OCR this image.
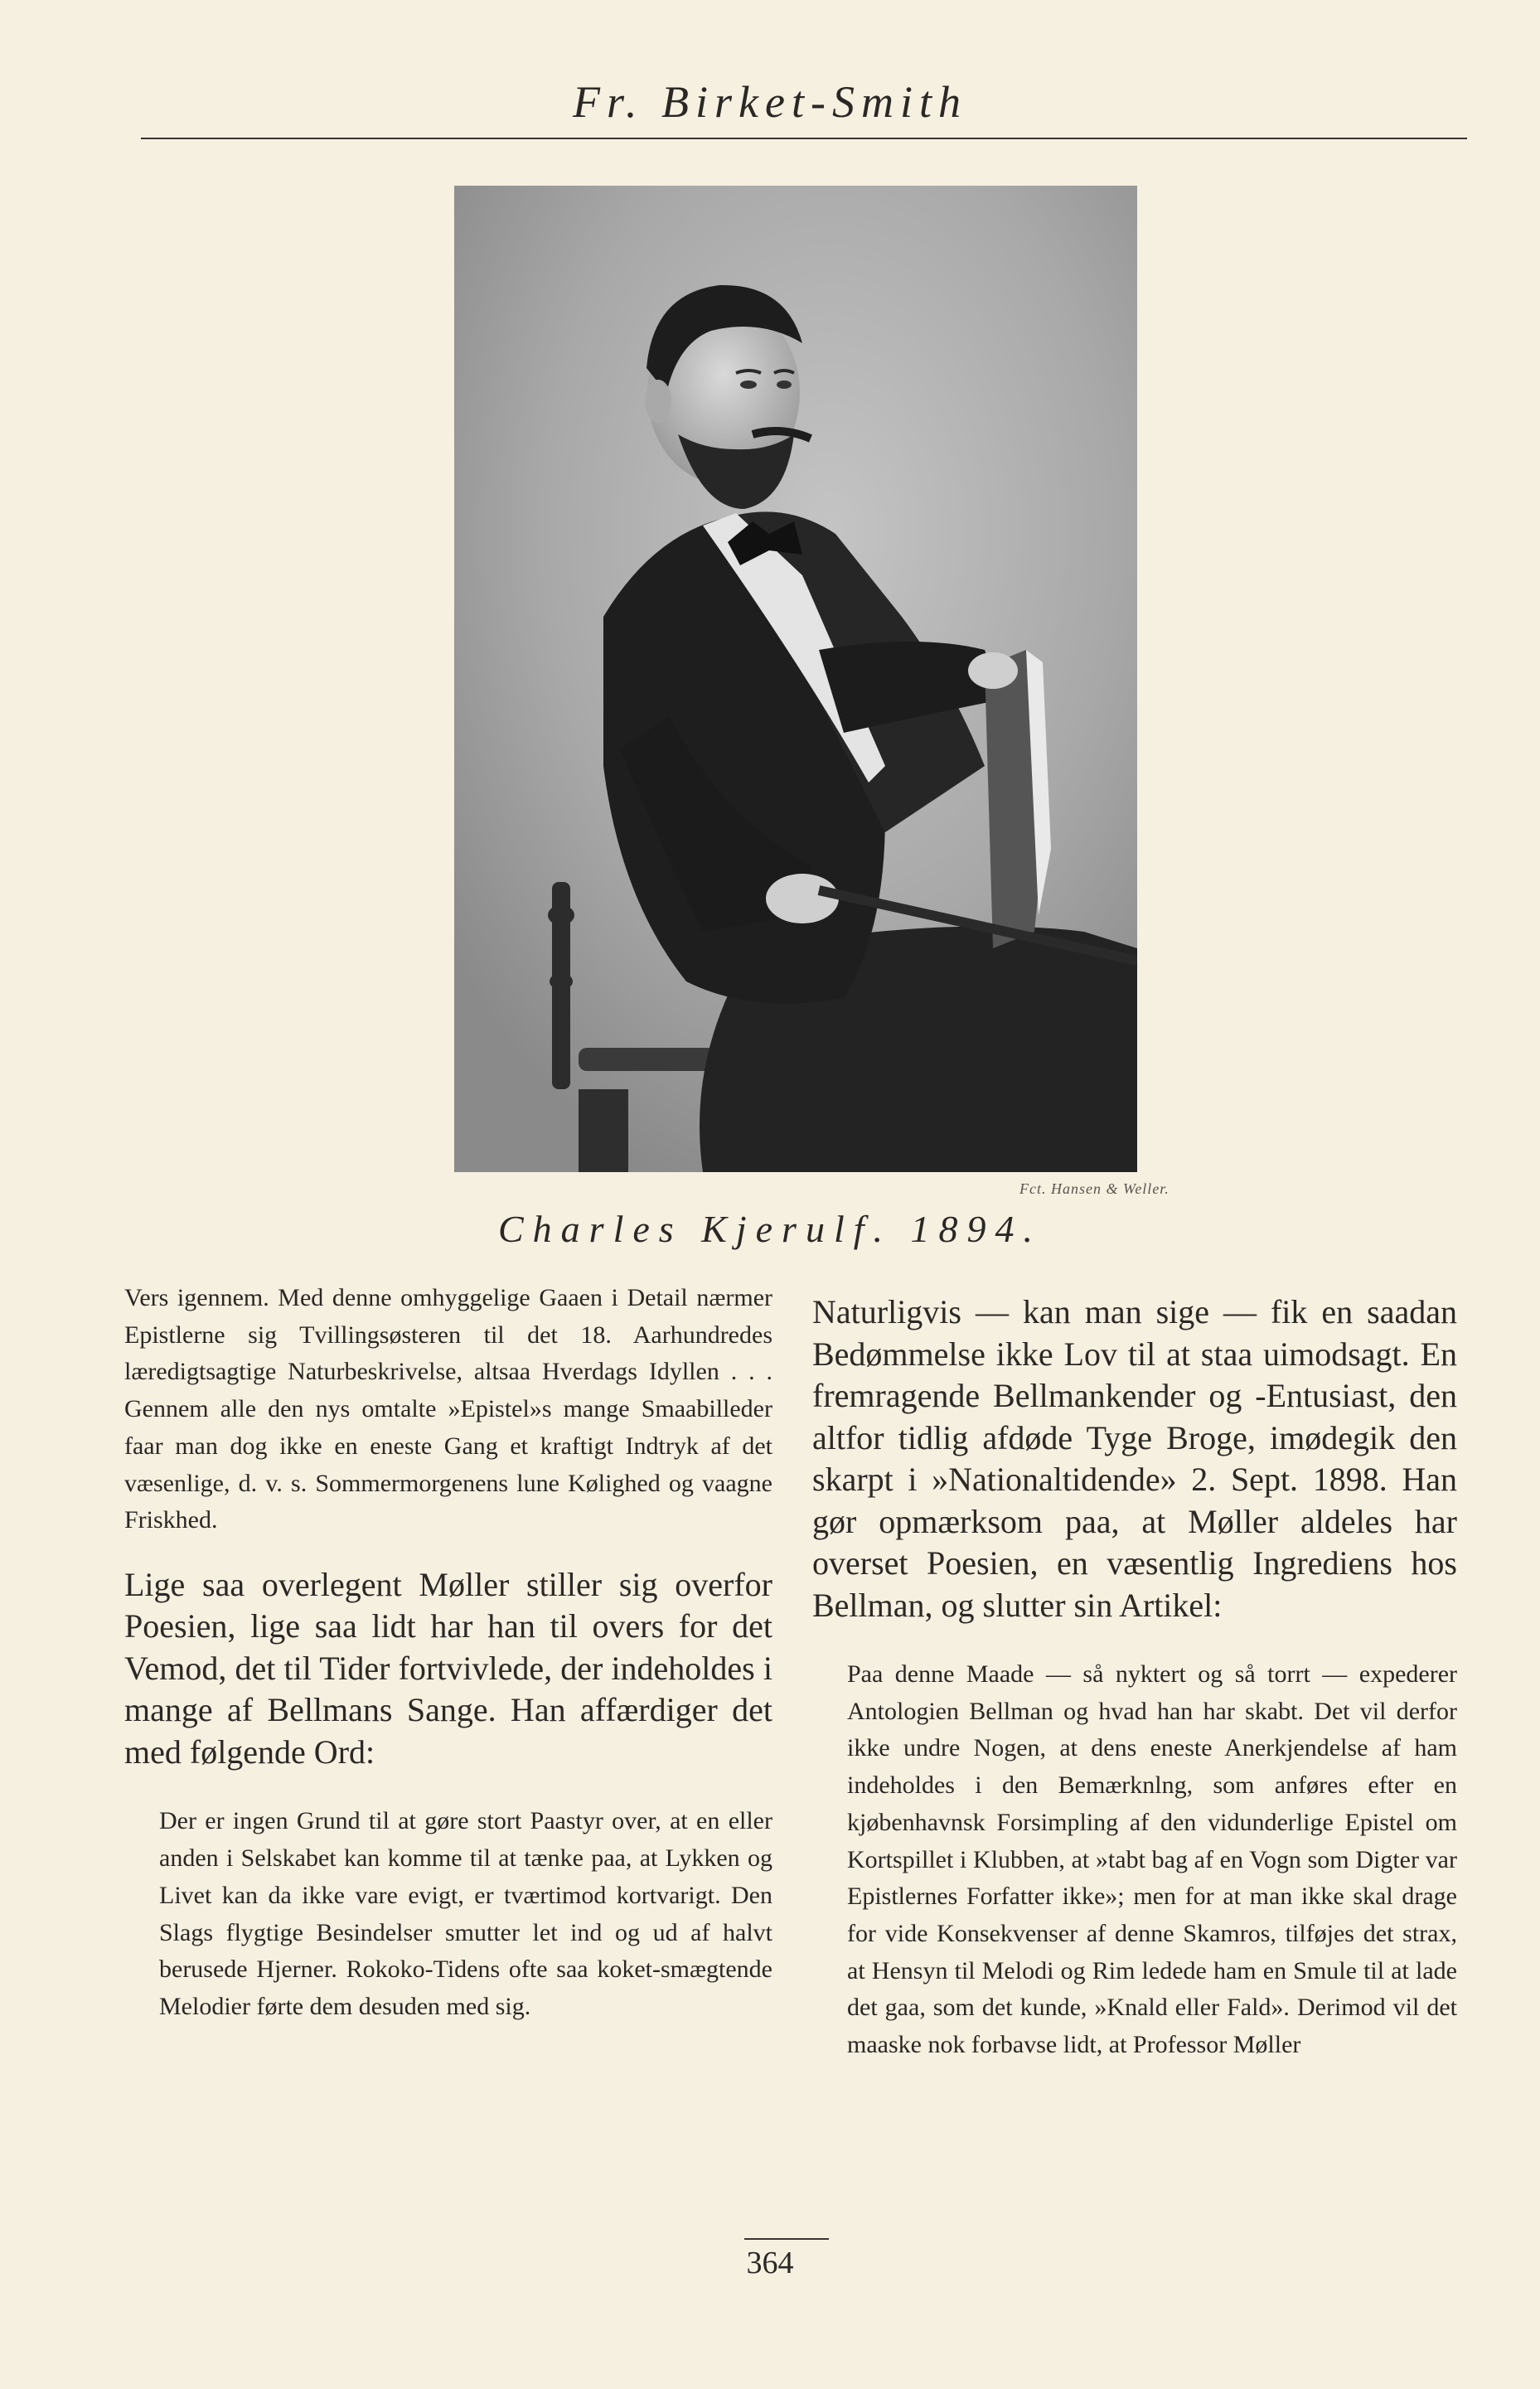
Fr. Birket-Smith
Fct. Hansen & Weller.
Charles Kjerulf. 1894.

Vers igennem. Med denne omhyggelige Gaaen i Detail nærmer Epistlerne sig Tvillingsøsteren til det 18. Aarhundredes læredigtsagtige Naturbeskrivelse, altsaa Hverdags Idyllen . . . Gennem alle den nys omtalte »Epistel»s mange Smaabilleder faar man dog ikke en eneste Gang et kraftigt Indtryk af det væsenlige, d. v. s. Sommermorgenens lune Kølighed og vaagne Friskhed.

Lige saa overlegent Møller stiller sig overfor Poesien, lige saa lidt har han til overs for det Vemod, det til Tider fortvivlede, der indeholdes i mange af Bellmans Sange. Han affærdiger det med følgende Ord:

Der er ingen Grund til at gøre stort Paastyr over, at en eller anden i Selskabet kan komme til at tænke paa, at Lykken og Livet kan da ikke vare evigt, er tværtimod kortvarigt. Den Slags flygtige Besindelser smutter let ind og ud af halvt berusede Hjerner. Rokoko-Tidens ofte saa koket-smægtende Melodier førte dem desuden med sig.

Naturligvis — kan man sige — fik en saadan Bedømmelse ikke Lov til at staa uimodsagt. En fremragende Bellmankender og -Entusiast, den altfor tidlig afdøde Tyge Broge, imødegik den skarpt i »Nationaltidende» 2. Sept. 1898. Han gør opmærksom paa, at Møller aldeles har overset Poesien, en væsentlig Ingrediens hos Bellman, og slutter sin Artikel:

Paa denne Maade — så nyktert og så torrt — expederer Antologien Bellman og hvad han har skabt. Det vil derfor ikke undre Nogen, at dens eneste Anerkjendelse af ham indeholdes i den Bemærknlng, som anføres efter en kjøbenhavnsk Forsimpling af den vidunderlige Epistel om Kortspillet i Klubben, at »tabt bag af en Vogn som Digter var Epistlernes Forfatter ikke»; men for at man ikke skal drage for vide Konsekvenser af denne Skamros, tilføjes det strax, at Hensyn til Melodi og Rim ledede ham en Smule til at lade det gaa, som det kunde, »Knald eller Fald». Derimod vil det maaske nok forbavse lidt, at Professor Møller

364
